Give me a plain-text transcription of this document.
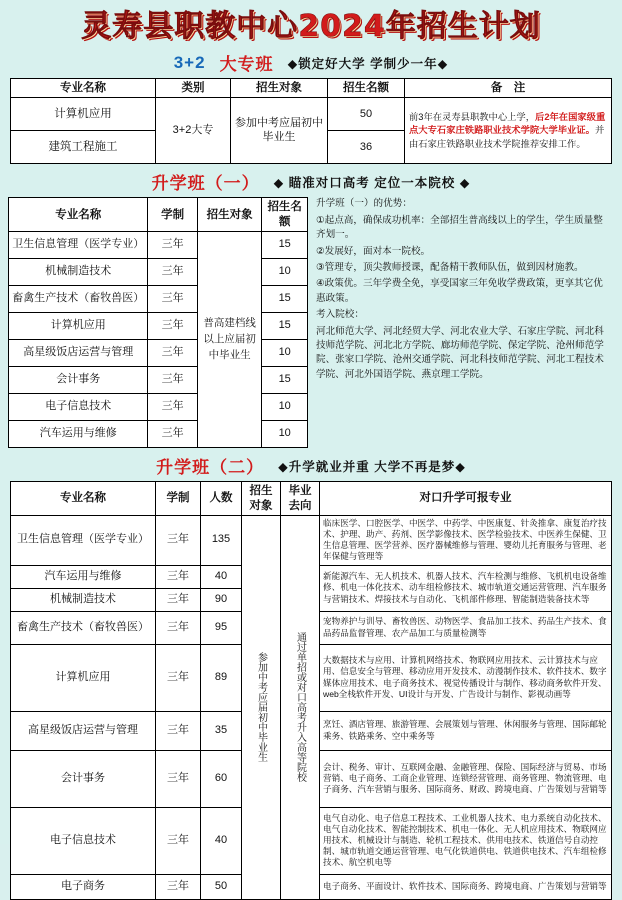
灵寿县职教中心2024年招生计划
3+2 大专班 ◆锁定好大学 学制少一年◆
专业名称	类别	招生对象	招生名额	备　注
计算机应用	3+2大专	参加中考应届初中毕业生	50	前3年在灵寿县职教中心上学，后2年在国家级重点大专石家庄铁路职业技术学院大学毕业证。并由石家庄铁路职业技术学院推荐安排工作。
建筑工程施工			36	
升学班（一） ◆ 瞄准对口高考 定位一本院校 ◆
专业名称	学制	招生对象	招生名额
卫生信息管理（医学专业）	三年	普高建档线以上应届初中毕业生	15
机械制造技术	三年		10
畜禽生产技术（畜牧兽医）	三年		15
计算机应用	三年		15
高星级饭店运营与管理	三年		10
会计事务	三年		15
电子信息技术	三年		10
汽车运用与维修	三年		10

升学班（一）的优势：

①起点高，确保成功机率：全部招生普高线以上的学生，学生质量整齐划一。

②发展好，面对本一院校。

③管理专，顶尖教师授课，配备精干教师队伍，做到因材施教。

④政策优。三年学费全免，享受国家三年免收学费政策，更享其它优惠政策。

考入院校：

河北师范大学、河北经贸大学、河北农业大学、石家庄学院、河北科技师范学院、河北北方学院、廊坊师范学院、保定学院、沧州师范学院、张家口学院、沧州交通学院、河北科技师范学院、河北工程技术学院、河北外国语学院、燕京理工学院。

升学班（二） ◆升学就业并重 大学不再是梦◆
专业名称	学制	人数	招生对象	毕业去向	对口升学可报专业
卫生信息管理（医学专业）	三年	135	参加中考应届初中毕业生	通过单招或对口高考升入高等院校	临床医学、口腔医学、中医学、中药学、中医康复、针灸推拿、康复治疗技术、护理、助产、药剂、医学影像技术、医学检验技术、中医养生保健、卫生信息管理、医学营养、医疗器械维修与管理、婴幼儿托育服务与管理、老年保健与管理等
汽车运用与维修	三年	40			新能源汽车、无人机技术、机器人技术、汽车检测与维修、飞机机电设备维修、机电一体化技术、动车组检修技术、城市轨道交通运营管理、汽车服务与营销技术、焊接技术与自动化、飞机部件修理、智能制造装备技术等
机械制造技术	三年	90			
畜禽生产技术（畜牧兽医）	三年	95			宠物养护与训导、畜牧兽医、动物医学、食品加工技术、药品生产技术、食品药品监督管理、农产品加工与质量检测等
计算机应用	三年	89			大数据技术与应用、计算机网络技术、物联网应用技术、云计算技术与应用、信息安全与管理、移动应用开发技术、动漫制作技术、软件技术、数字媒体应用技术、电子商务技术、视觉传播设计与制作、移动商务软件开发、web全栈软件开发、UI设计与开发、广告设计与制作、影视动画等
高星级饭店运营与管理	三年	35			烹饪、酒店管理、旅游管理、会展策划与管理、休闲服务与管理、国际邮轮乘务、铁路乘务、空中乘务等
会计事务	三年	60			会计、税务、审计、互联网金融、金融管理、保险、国际经济与贸易、市场营销、电子商务、工商企业管理、连锁经营管理、商务管理、物流管理、电子商务、汽车营销与服务、国际商务、财政、跨境电商、广告策划与营销等
电子信息技术	三年	40			电气自动化、电子信息工程技术、工业机器人技术、电力系统自动化技术、电气自动化技术、智能控制技术、机电一体化、无人机应用技术、物联网应用技术、机械设计与制造、轮机工程技术、供用电技术、铁道信号自动控制、城市轨道交通运营管理、电气化铁道供电、铁道供电技术、汽车组检修技术、航空机电等
电子商务	三年	50			电子商务、平面设计、软件技术、国际商务、跨境电商、广告策划与营销等
